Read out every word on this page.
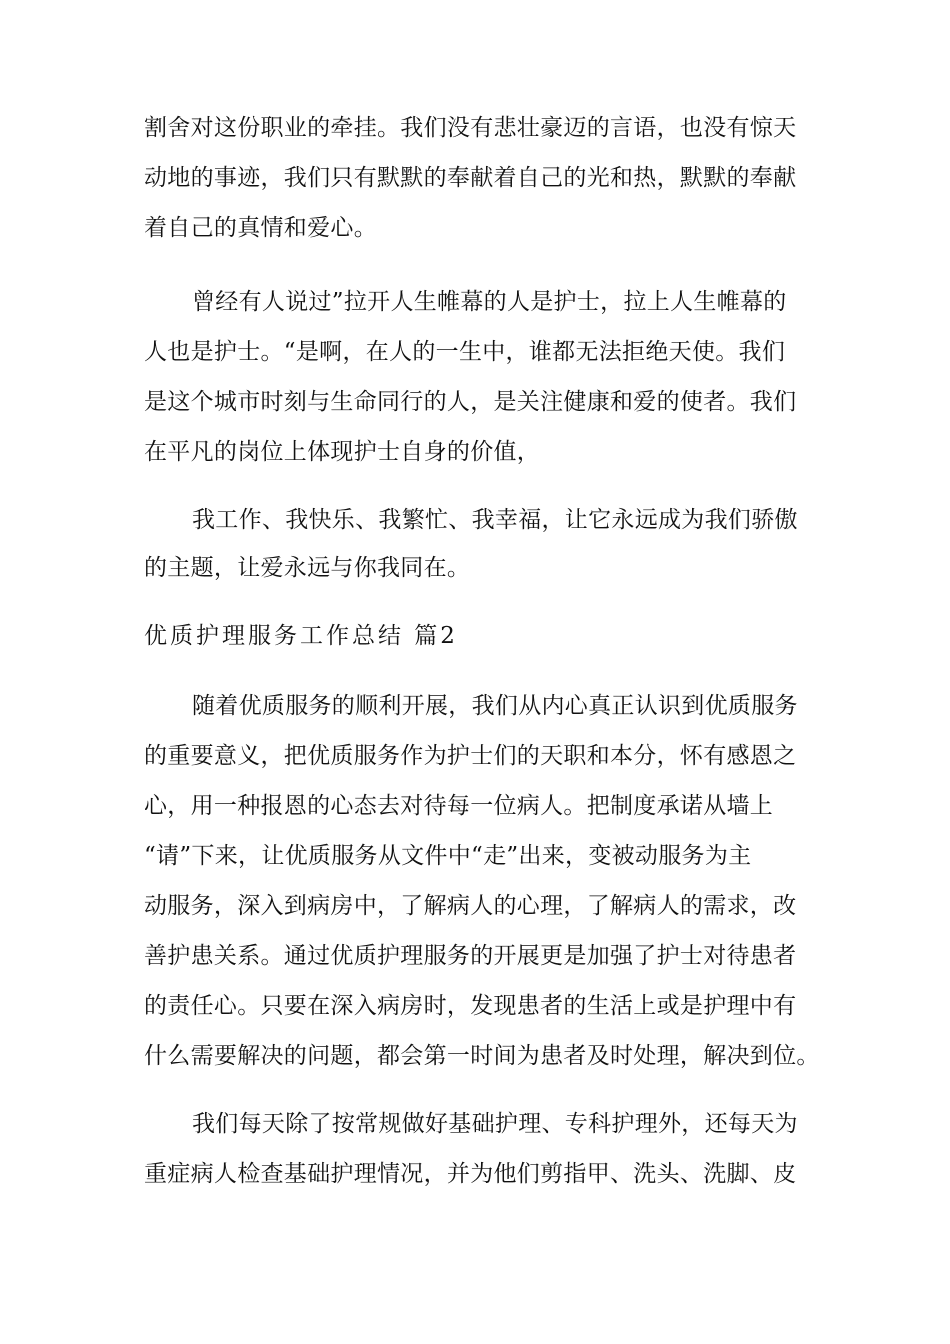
割舍对这份职业的牵挂。我们没有悲壮豪迈的言语，也没有惊天
动地的事迹，我们只有默默的奉献着自己的光和热，默默的奉献
着自己的真情和爱心。
曾经有人说过”拉开人生帷幕的人是护士，拉上人生帷幕的
人也是护士。“是啊，在人的一生中，谁都无法拒绝天使。我们
是这个城市时刻与生命同行的人，是关注健康和爱的使者。我们
在平凡的岗位上体现护士自身的价值，
我工作、我快乐、我繁忙、我幸福，让它永远成为我们骄傲
的主题，让爱永远与你我同在。
优质护理服务工作总结 篇2
随着优质服务的顺利开展，我们从内心真正认识到优质服务
的重要意义，把优质服务作为护士们的天职和本分，怀有感恩之
心，用一种报恩的心态去对待每一位病人。把制度承诺从墙上
“请”下来，让优质服务从文件中“走”出来，变被动服务为主
动服务，深入到病房中，了解病人的心理，了解病人的需求，改
善护患关系。通过优质护理服务的开展更是加强了护士对待患者
的责任心。只要在深入病房时，发现患者的生活上或是护理中有
什么需要解决的问题，都会第一时间为患者及时处理，解决到位。
我们每天除了按常规做好基础护理、专科护理外，还每天为
重症病人检查基础护理情况，并为他们剪指甲、洗头、洗脚、皮
